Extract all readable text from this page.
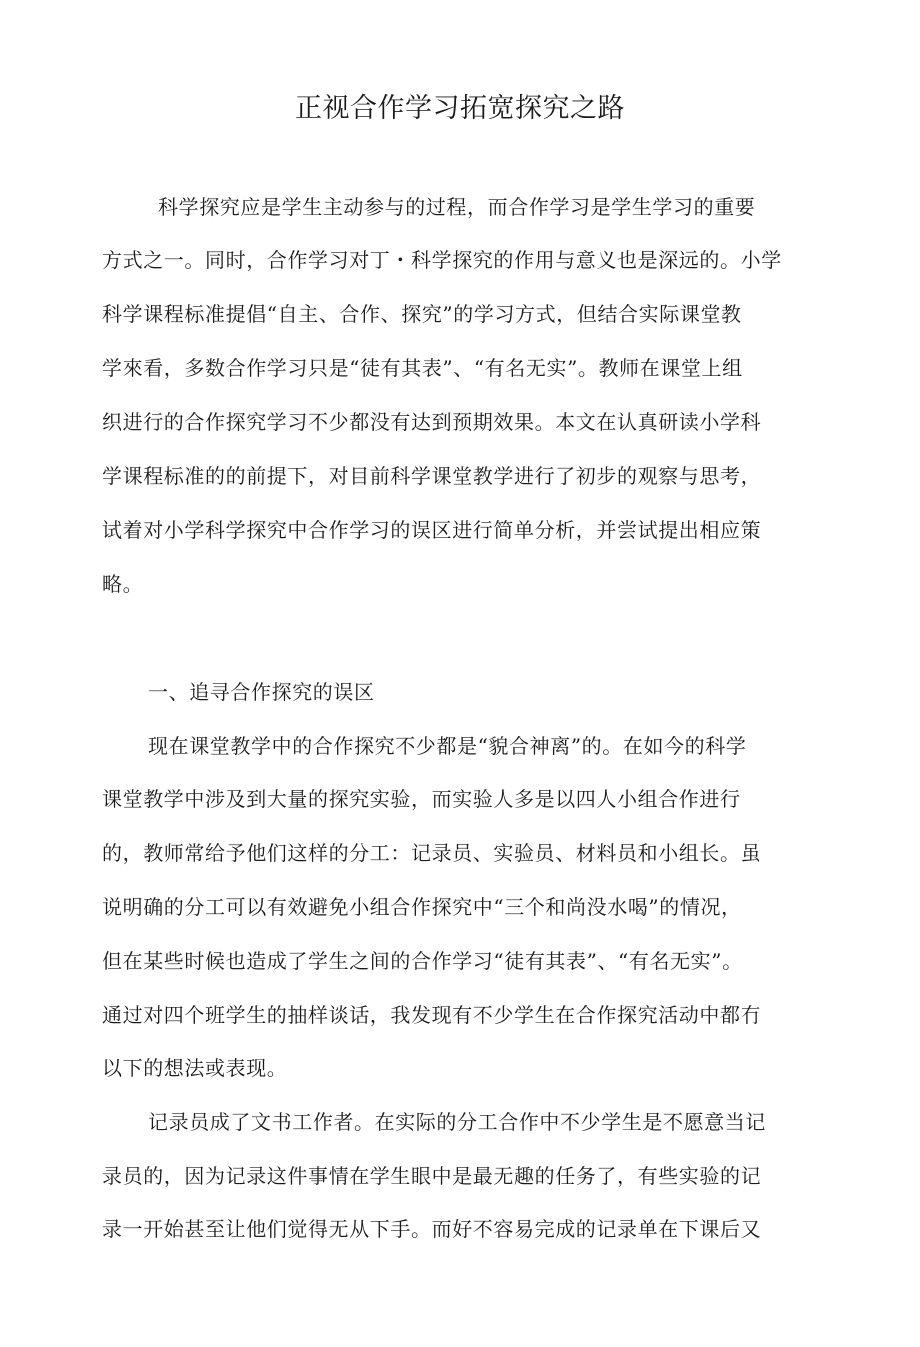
正视合作学习拓宽探究之路

科学探究应是学生主动参与的过程，而合作学习是学生学习的重要

方式之一。同时，合作学习对丁・科学探究的作用与意义也是深远的。小学

科学课程标准提倡“自主、合作、探究”的学习方式，但结合实际课堂教

学來看，多数合作学习只是“徒有其表”、“有名无实”。教师在课堂上组

织进行的合作探究学习不少都没有达到预期效果。本文在认真研读小学科

学课程标准的的前提下，对目前科学课堂教学进行了初步的观察与思考，

试着对小学科学探究中合作学习的误区进行简单分析，并尝试提出相应策

略。

一、追寻合作探究的误区

现在课堂教学中的合作探究不少都是“貌合神离”的。在如今的科学

课堂教学中涉及到大量的探究实验，而实验人多是以四人小组合作进行

的，教师常给予他们这样的分工：记录员、实验员、材料员和小组长。虽

说明确的分工可以有效避免小组合作探究中“三个和尚没水喝”的情况，

但在某些时候也造成了学生之间的合作学习“徒有其表”、“有名无实”。

通过对四个班学生的抽样谈话，我发现有不少学生在合作探究活动中都冇

以下的想法或表现。

记录员成了文书工作者。在实际的分工合作中不少学生是不愿意当记

录员的，因为记录这件事情在学生眼中是最无趣的任务了，有些实验的记

录一开始甚至让他们觉得无从下手。而好不容易完成的记录单在下课后又
